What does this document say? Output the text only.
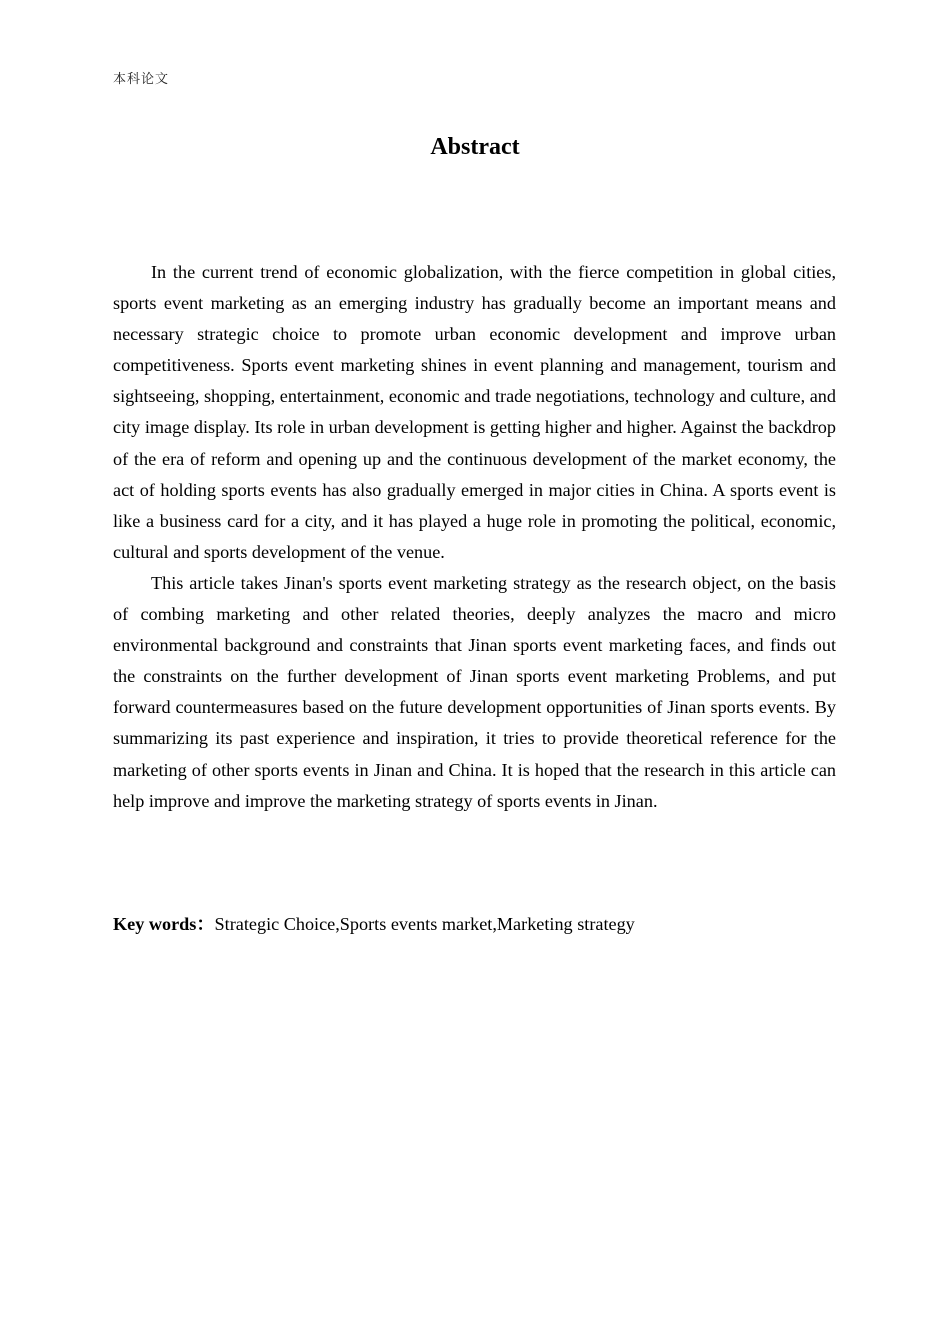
本科论文
Abstract

In the current trend of economic globalization, with the fierce competition in global cities, sports event marketing as an emerging industry has gradually become an important means and necessary strategic choice to promote urban economic development and improve urban competitiveness. Sports event marketing shines in event planning and management, tourism and sightseeing, shopping, entertainment, economic and trade negotiations, technology and culture, and city image display. Its role in urban development is getting higher and higher. Against the backdrop of the era of reform and opening up and the continuous development of the market economy, the act of holding sports events has also gradually emerged in major cities in China. A sports event is like a business card for a city, and it has played a huge role in promoting the political, economic, cultural and sports development of the venue.

This article takes Jinan's sports event marketing strategy as the research object, on the basis of combing marketing and other related theories, deeply analyzes the macro and micro environmental background and constraints that Jinan sports event marketing faces, and finds out the constraints on the further development of Jinan sports event marketing Problems, and put forward countermeasures based on the future development opportunities of Jinan sports events. By summarizing its past experience and inspiration, it tries to provide theoretical reference for the marketing of other sports events in Jinan and China. It is hoped that the research in this article can help improve and improve the marketing strategy of sports events in Jinan.

Key words：Strategic Choice,Sports events market,Marketing strategy
